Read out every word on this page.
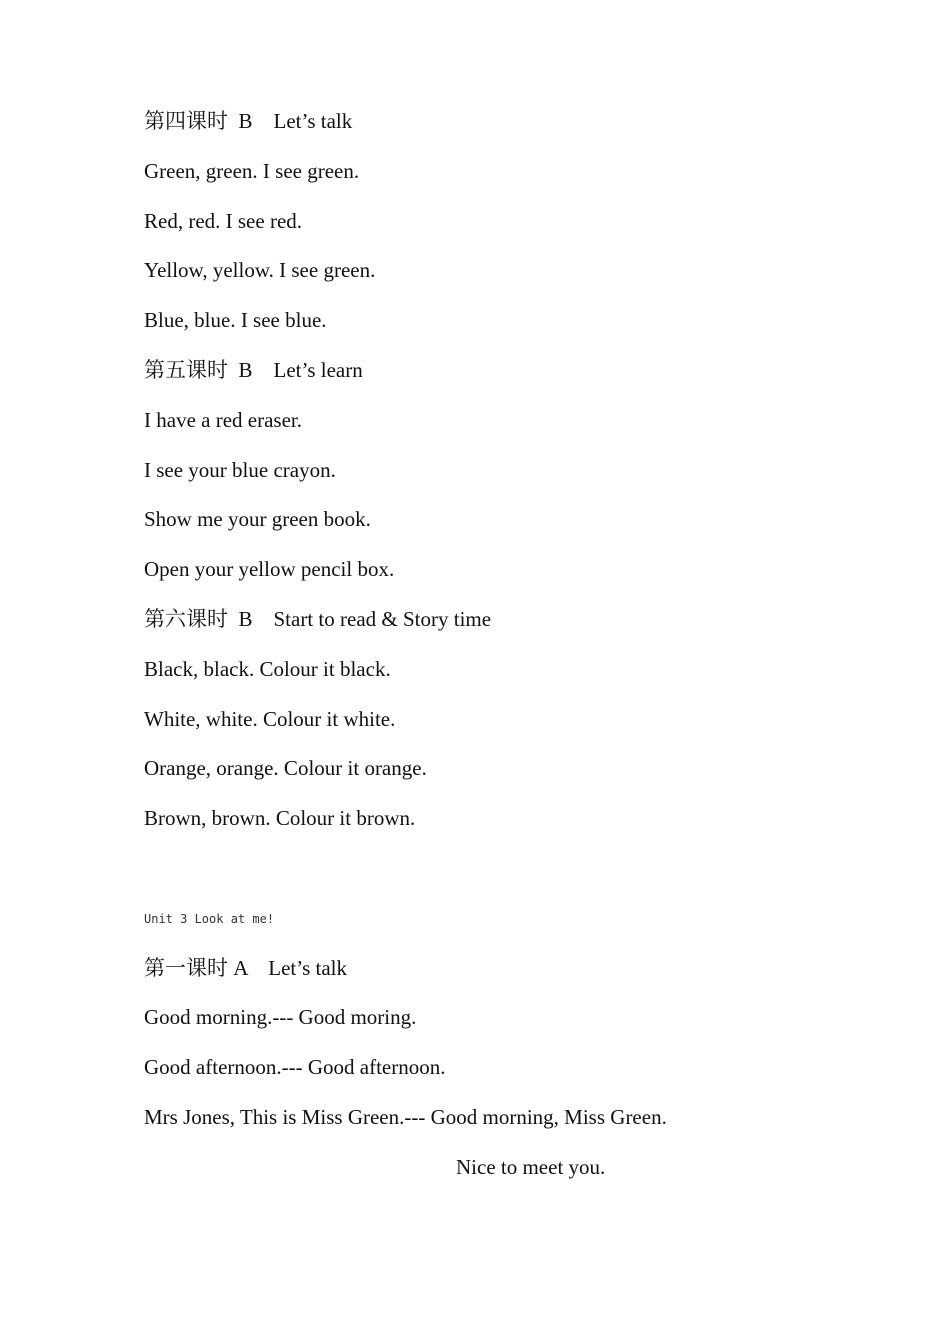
第四课时  B    Let’s talk
Green, green. I see green.
Red, red. I see red.
Yellow, yellow. I see green.
Blue, blue. I see blue.
第五课时  B    Let’s learn
I have a red eraser.
I see your blue crayon.
Show me your green book.
Open your yellow pencil box.
第六课时  B    Start to read & Story time
Black, black. Colour it black.
White, white. Colour it white.
Orange, orange. Colour it orange.
Brown, brown. Colour it brown.
Unit 3 Look at me!
第一课时 A    Let’s talk
Good morning.--- Good moring.
Good afternoon.--- Good afternoon.
Mrs Jones, This is Miss Green.--- Good morning, Miss Green.
Nice to meet you.
